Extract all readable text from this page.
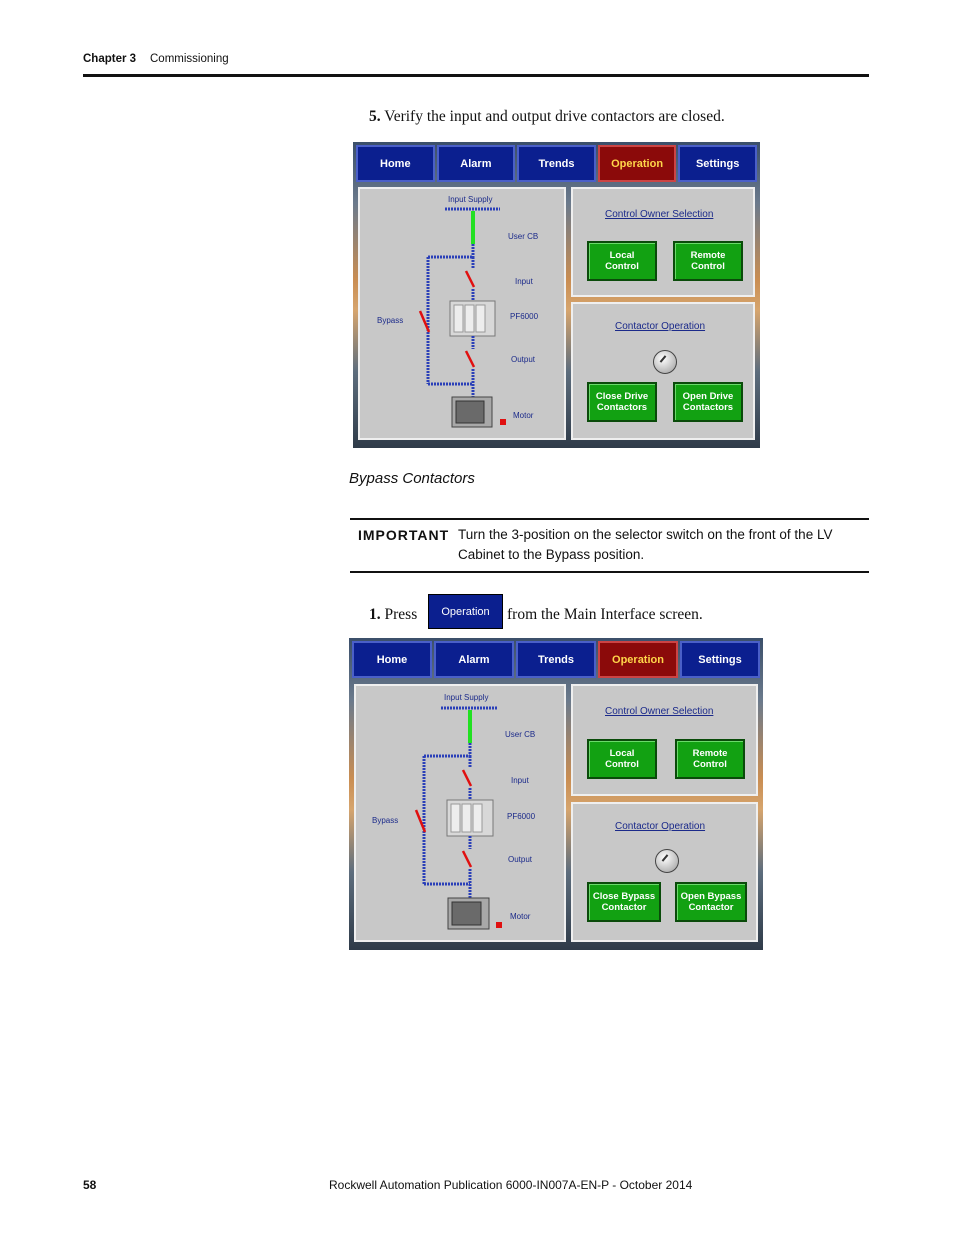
Chapter 3 Commissioning
5. Verify the input and output drive contactors are closed.
Home	Alarm	Trends	Operation	Settings
Input Supply
User CB
Input
Bypass	PF6000
Output
Motor
Control Owner Selection
Local
Control
Remote
Control
Contactor Operation
Close Drive
Contactors
Open Drive
Contactors
Bypass Contactors
IMPORTANT Turn the 3-position on the selector switch on the front of the LV Cabinet to the Bypass position.
1. Press	Operation	from the Main Interface screen.
Home	Alarm	Trends	Operation	Settings
Input Supply
User CB
Input
Bypass	PF6000
Output
Motor
Control Owner Selection
Local
Control
Remote
Control
Contactor Operation
Close Bypass
Contactor
Open Bypass
Contactor
58	Rockwell Automation Publication 6000-IN007A-EN-P - October 2014
